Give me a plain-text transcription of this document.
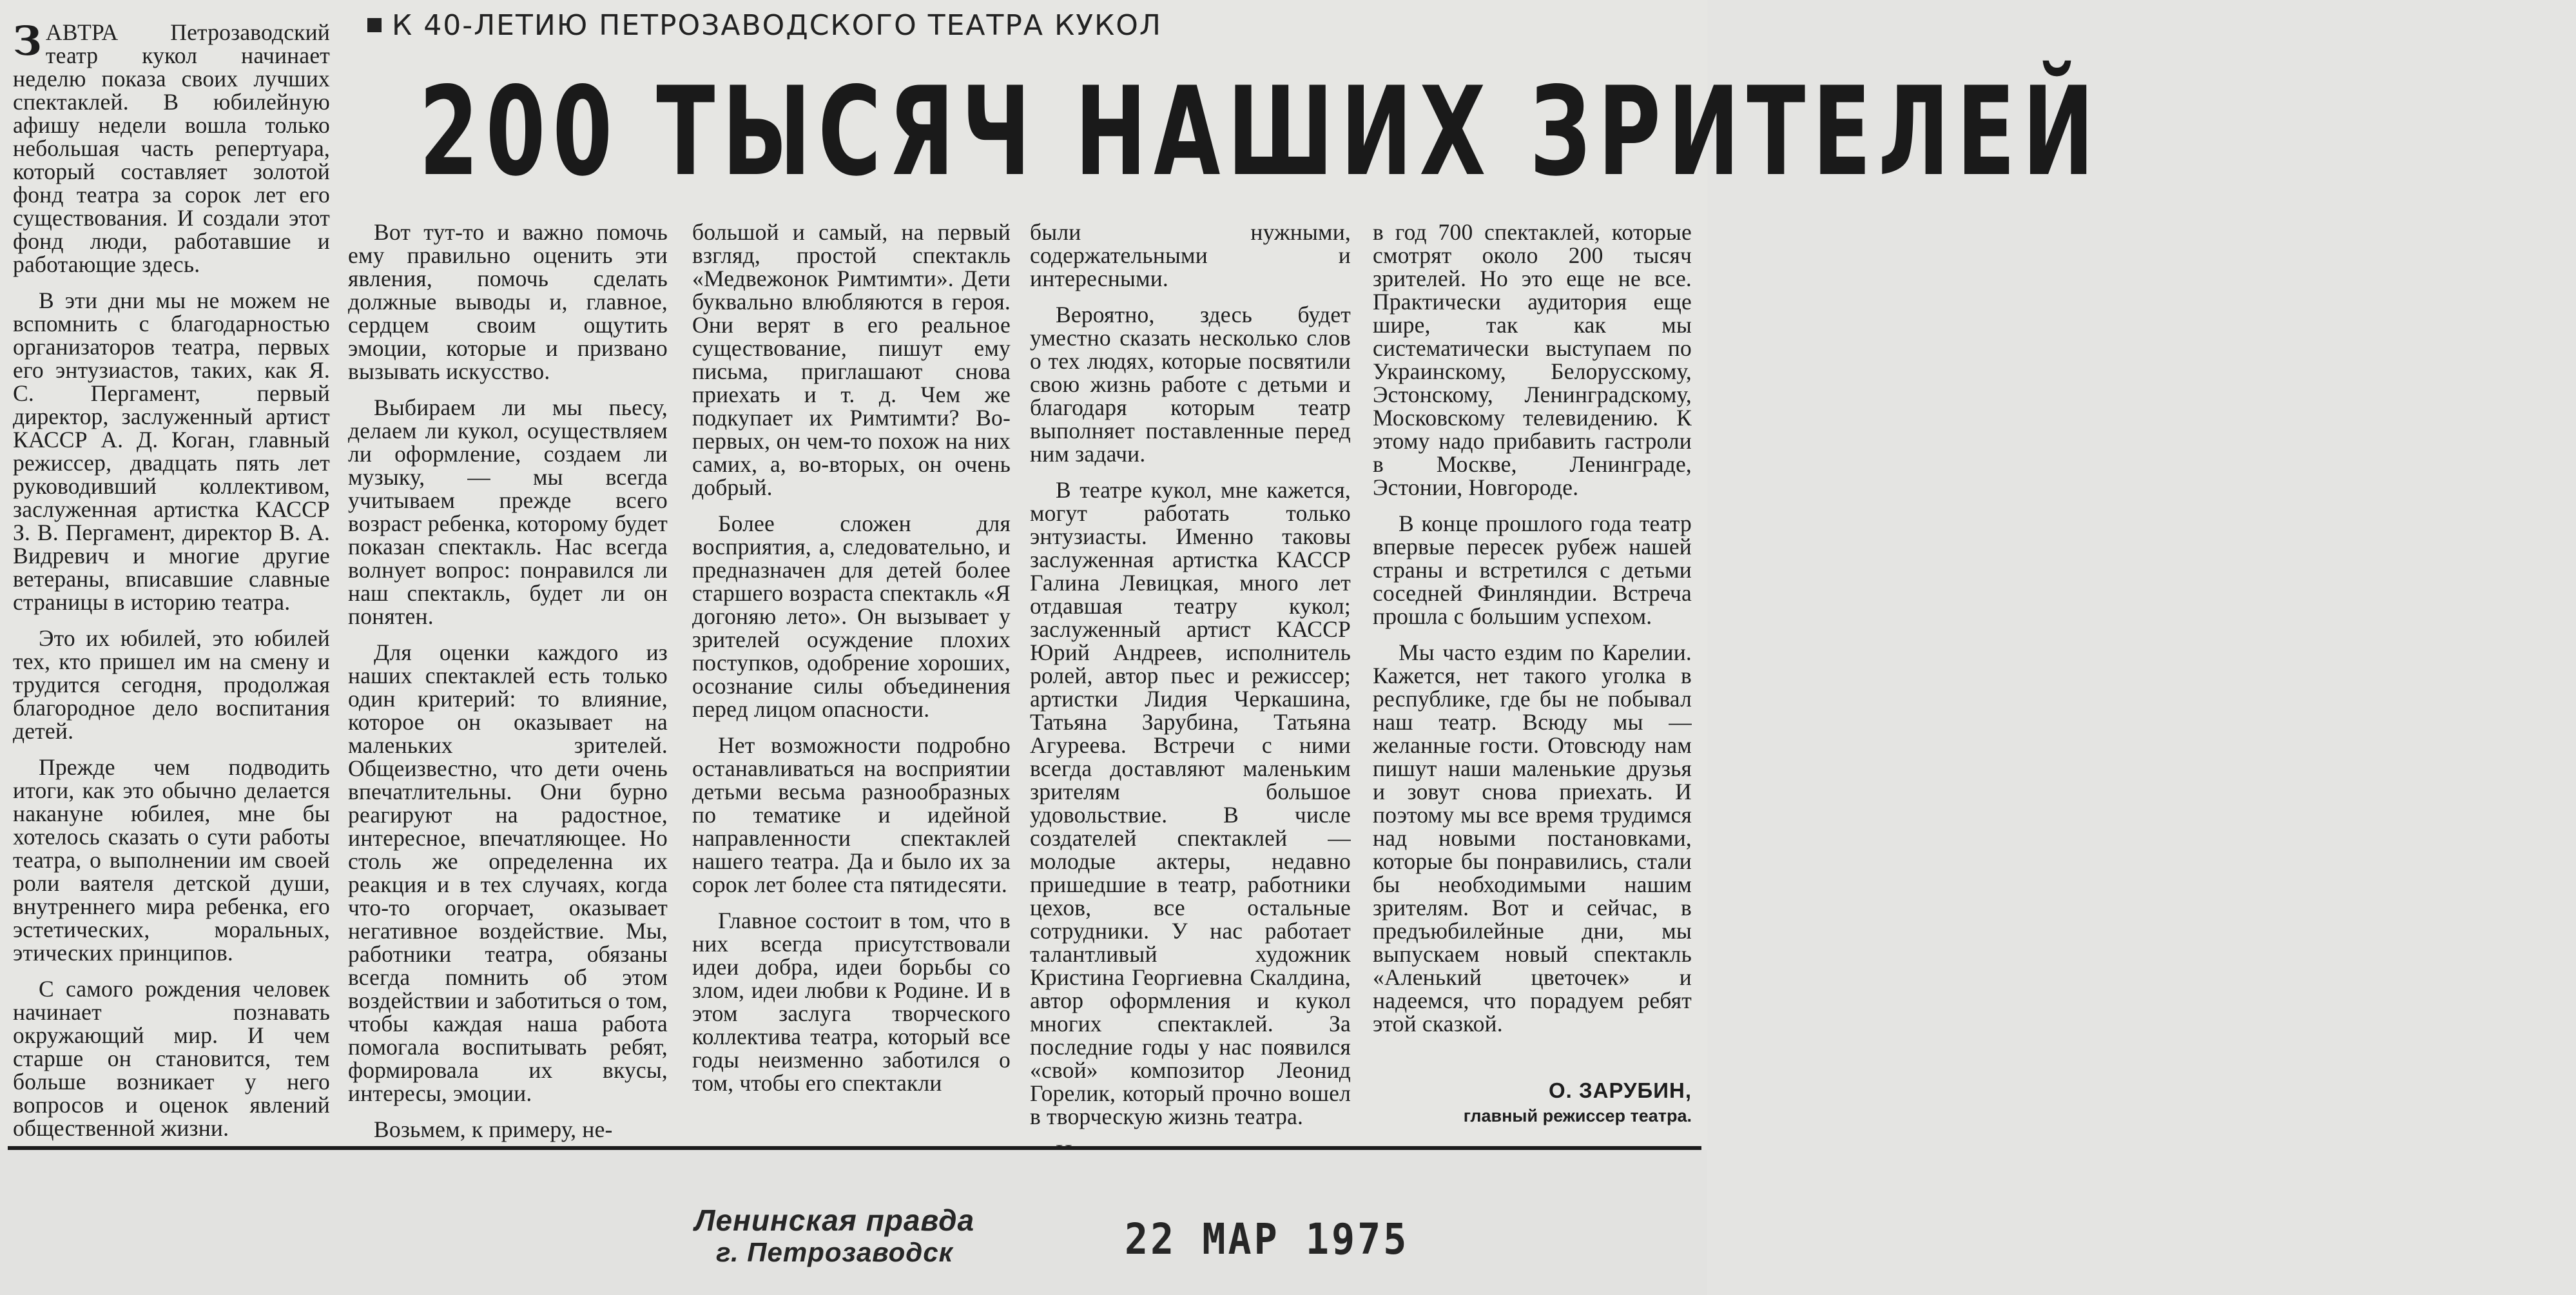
К 40-ЛЕТИЮ ПЕТРОЗАВОДСКОГО ТЕАТРА КУКОЛ
200 ТЫСЯЧ НАШИХ ЗРИТЕЛЕЙ

ЗАВТРА Петрозаводский театр кукол начинает неделю показа своих лучших спектаклей. В юбилейную афишу недели вошла только небольшая часть репертуара, который составляет золотой фонд театра за сорок лет его существования. И создали этот фонд люди, работавшие и работающие здесь.

В эти дни мы не можем не вспомнить с благодарностью организаторов театра, первых его энтузиастов, таких, как Я. С. Пергамент, первый директор, заслуженный артист КАССР А. Д. Коган, главный режиссер, двадцать пять лет руководивший коллективом, заслуженная артистка КАССР З. В. Пергамент, директор В. А. Видревич и многие другие ветераны, вписавшие славные страницы в историю театра.

Это их юбилей, это юбилей тех, кто пришел им на смену и трудится сегодня, продолжая благородное дело воспитания детей.

Прежде чем подводить итоги, как это обычно делается накануне юбилея, мне бы хотелось сказать о сути работы театра, о выполнении им своей роли ваятеля детской души, внутреннего мира ребенка, его эстетических, моральных, этических принципов.

С самого рождения человек начинает познавать окружающий мир. И чем старше он становится, тем больше возникает у него вопросов и оценок явлений общественной жизни.

Вот тут-то и важно помочь ему правильно оценить эти явления, помочь сделать должные выводы и, главное, сердцем своим ощутить эмоции, которые и призвано вызывать искусство.

Выбираем ли мы пьесу, делаем ли кукол, осуществляем ли оформление, создаем ли музыку, — мы всегда учитываем прежде всего возраст ребенка, которому будет показан спектакль. Нас всегда волнует вопрос: понравился ли наш спектакль, будет ли он понятен.

Для оценки каждого из наших спектаклей есть только один критерий: то влияние, которое он оказывает на маленьких зрителей. Общеизвестно, что дети очень впечатлительны. Они бурно реагируют на радостное, интересное, впечатляющее. Но столь же определенна их реакция и в тех случаях, когда что-то огорчает, оказывает негативное воздействие. Мы, работники театра, обязаны всегда помнить об этом воздействии и заботиться о том, чтобы каждая наша работа помогала воспитывать ребят, формировала их вкусы, интересы, эмоции.

Возьмем, к примеру, не-

большой и самый, на первый взгляд, простой спектакль «Медвежонок Римтимти». Дети буквально влюбляются в героя. Они верят в его реальное существование, пишут ему письма, приглашают снова приехать и т. д. Чем же подкупает их Римтимти? Во-первых, он чем-то похож на них самих, а, во-вторых, он очень добрый.

Более сложен для восприятия, а, следовательно, и предназначен для детей более старшего возраста спектакль «Я догоняю лето». Он вызывает у зрителей осуждение плохих поступков, одобрение хороших, осознание силы объединения перед лицом опасности.

Нет возможности подробно останавливаться на восприятии детьми весьма разнообразных по тематике и идейной направленности спектаклей нашего театра. Да и было их за сорок лет более ста пятидесяти.

Главное состоит в том, что в них всегда присутствовали идеи добра, идеи борьбы со злом, идеи любви к Родине. И в этом заслуга творческого коллектива театра, который все годы неизменно заботился о том, чтобы его спектакли

были нужными, содержательными и интересными.

Вероятно, здесь будет уместно сказать несколько слов о тех людях, которые посвятили свою жизнь работе с детьми и благодаря которым театр выполняет поставленные перед ним задачи.

В театре кукол, мне кажется, могут работать только энтузиасты. Именно таковы заслуженная артистка КАССР Галина Левицкая, много лет отдавшая театру кукол; заслуженный артист КАССР Юрий Андреев, исполнитель ролей, автор пьес и режиссер; артистки Лидия Черкашина, Татьяна Зарубина, Татьяна Агуреева. Встречи с ними всегда доставляют маленьким зрителям большое удовольствие. В числе создателей спектаклей — молодые актеры, недавно пришедшие в театр, работники цехов, все остальные сотрудники. У нас работает талантливый художник Кристина Георгиевна Скалдина, автор оформления и кукол многих спектаклей. За последние годы у нас появился «свой» композитор Леонид Горелик, который прочно вошел в творческую жизнь театра.

в год 700 спектаклей, которые смотрят около 200 тысяч зрителей. Но это еще не все. Практически аудитория еще шире, так как мы систематически выступаем по Украинскому, Белорусскому, Эстонскому, Ленинградскому, Московскому телевидению. К этому надо прибавить гастроли в Москве, Ленинграде, Эстонии, Новгороде.

В конце прошлого года театр впервые пересек рубеж нашей страны и встретился с детьми соседней Финляндии. Встреча прошла с большим успехом.

Мы часто ездим по Карелии. Кажется, нет такого уголка в республике, где бы не побывал наш театр. Всюду мы — желанные гости. Отовсюду нам пишут наши маленькие друзья и зовут снова приехать. И поэтому мы все время трудимся над новыми постановками, которые бы понравились, стали бы необходимыми нашим зрителям. Вот и сейчас, в предъюбилейные дни, мы выпускаем новый спектакль «Аленький цветочек» и надеемся, что порадуем ребят этой сказкой.

О. ЗАРУБИН,
главный режиссер театра.
Ленинская правда
г. Петрозаводск	22 МАР 1975
